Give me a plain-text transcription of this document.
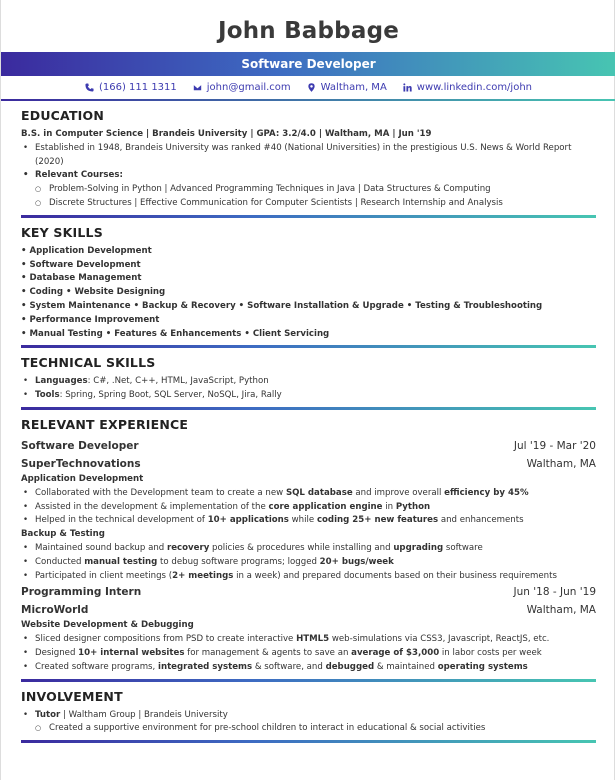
John Babbage
Software Developer
(166) 111 1311	john@gmail.com	Waltham, MA	www.linkedin.com/john
EDUCATION
B.S. in Computer Science | Brandeis University | GPA: 3.2/4.0 | Waltham, MA | Jun '19
• Established in 1948, Brandeis University was ranked #40 (National Universities) in the prestigious U.S. News & World Report (2020)
• Relevant Courses:
○ Problem-Solving in Python | Advanced Programming Techniques in Java | Data Structures & Computing
○ Discrete Structures | Effective Communication for Computer Scientists | Research Internship and Analysis
KEY SKILLS
• Application Development
• Software Development
• Database Management
• Coding • Website Designing
• System Maintenance • Backup & Recovery • Software Installation & Upgrade • Testing & Troubleshooting
• Performance Improvement
• Manual Testing • Features & Enhancements • Client Servicing
TECHNICAL SKILLS
• Languages: C#, .Net, C++, HTML, JavaScript, Python
• Tools: Spring, Spring Boot, SQL Server, NoSQL, Jira, Rally
RELEVANT EXPERIENCE
Software Developer	Jul '19 - Mar '20
SuperTechnovations	Waltham, MA
Application Development
• Collaborated with the Development team to create a new SQL database and improve overall efficiency by 45%
• Assisted in the development & implementation of the core application engine in Python
• Helped in the technical development of 10+ applications while coding 25+ new features and enhancements
Backup & Testing
• Maintained sound backup and recovery policies & procedures while installing and upgrading software
• Conducted manual testing to debug software programs; logged 20+ bugs/week
• Participated in client meetings (2+ meetings in a week) and prepared documents based on their business requirements
Programming Intern	Jun '18 - Jun '19
MicroWorld	Waltham, MA
Website Development & Debugging
• Sliced designer compositions from PSD to create interactive HTML5 web-simulations via CSS3, Javascript, ReactJS, etc.
• Designed 10+ internal websites for management & agents to save an average of $3,000 in labor costs per week
• Created software programs, integrated systems & software, and debugged & maintained operating systems
INVOLVEMENT
• Tutor | Waltham Group | Brandeis University
○ Created a supportive environment for pre-school children to interact in educational & social activities
